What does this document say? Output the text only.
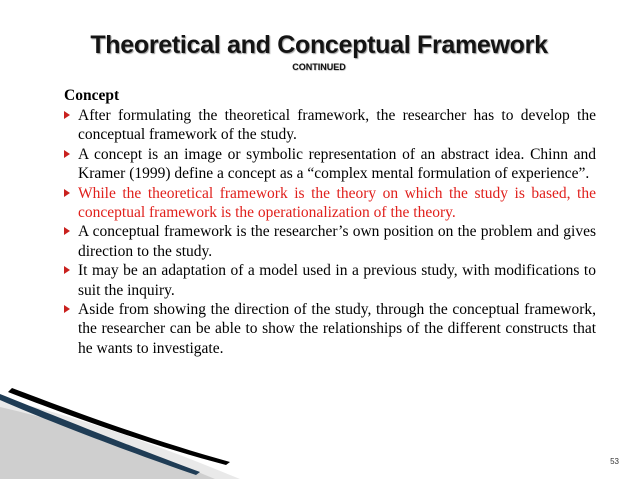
Theoretical and Conceptual Framework
CONTINUED
Concept
After formulating the theoretical framework, the researcher has to develop the conceptual framework of the study.
A concept is an image or symbolic representation of an abstract idea. Chinn and Kramer (1999) define a concept as a “complex mental formulation of experience”.
While the theoretical framework is the theory on which the study is based, the conceptual framework is the operationalization of the theory.
A conceptual framework is the researcher’s own position on the problem and gives direction to the study.
It may be an adaptation of a model used in a previous study, with modifications to suit the inquiry.
Aside from showing the direction of the study, through the conceptual framework, the researcher can be able to show the relationships of the different constructs that he wants to investigate.
53
